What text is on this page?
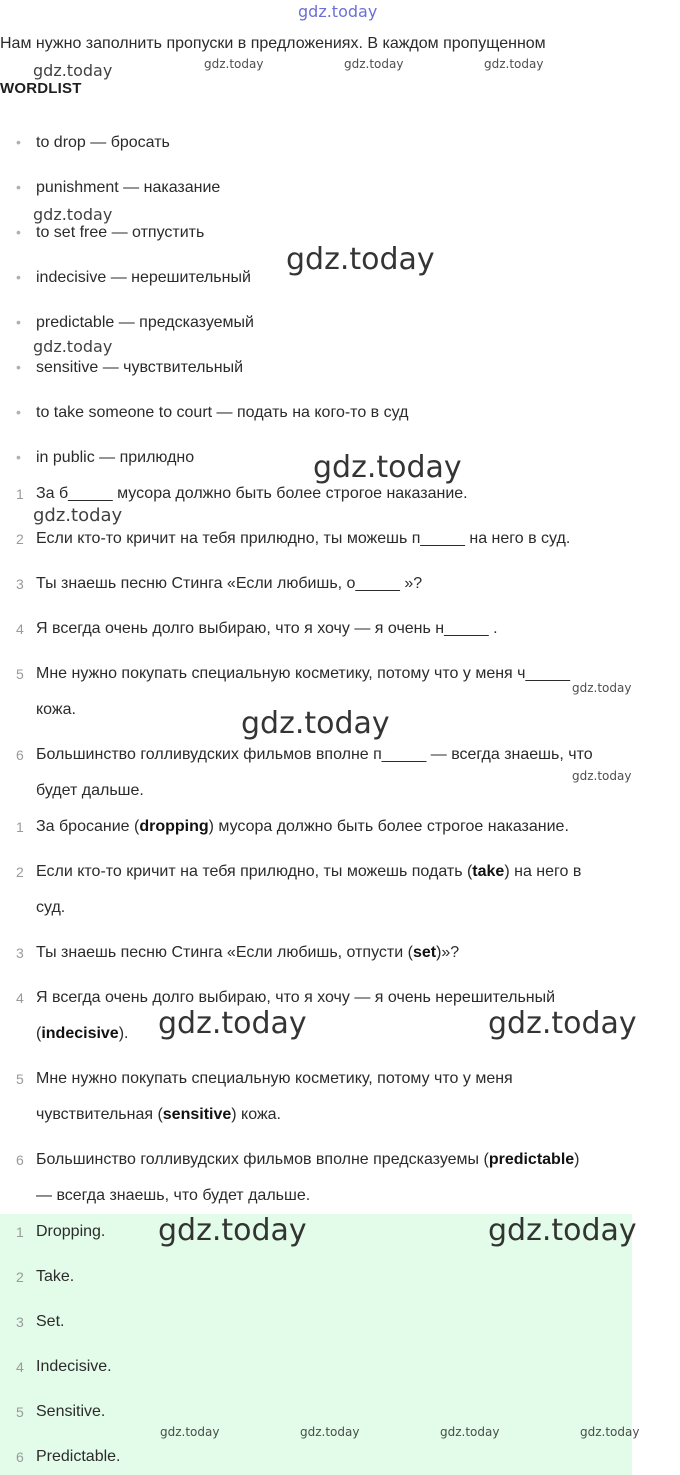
gdz.today
Нам нужно заполнить пропуски в предложениях. В каждом пропущенном
gdz.today	gdz.today	gdz.today	gdz.today
WORDLIST
• to drop — бросать
• punishment — наказание
• to set free — отпустить
• indecisive — нерешительный
• predictable — предсказуемый
• sensitive — чувствительный
• to take someone to court — подать на кого-то в суд
• in public — прилюдно
gdz.today
gdz.today
gdz.today
1 За б_____ мусора должно быть более строгое наказание.
2 Если кто-то кричит на тебя прилюдно, ты можешь п_____ на него в суд.
3 Ты знаешь песню Стинга «Если любишь, о_____ »?
4 Я всегда очень долго выбираю, что я хочу — я очень н_____ .
5 Мне нужно покупать специальную косметику, потому что у меня ч_____
кожа.
6 Большинство голливудских фильмов вполне п_____ — всегда знаешь, что
будет дальше.
gdz.today
gdz.today
gdz.today
gdz.today
gdz.today
1 За бросание (dropping) мусора должно быть более строгое наказание.
2 Если кто-то кричит на тебя прилюдно, ты можешь подать (take) на него в
суд.
3 Ты знаешь песню Стинга «Если любишь, отпусти (set)»?
4 Я всегда очень долго выбираю, что я хочу — я очень нерешительный
(indecisive).
5 Мне нужно покупать специальную косметику, потому что у меня
чувствительная (sensitive) кожа.
6 Большинство голливудских фильмов вполне предсказуемы (predictable)
— всегда знаешь, что будет дальше.
gdz.today	gdz.today
1 Dropping.
2 Take.
3 Set.
4 Indecisive.
5 Sensitive.
6 Predictable.
gdz.today	gdz.today
gdz.today	gdz.today	gdz.today	gdz.today
